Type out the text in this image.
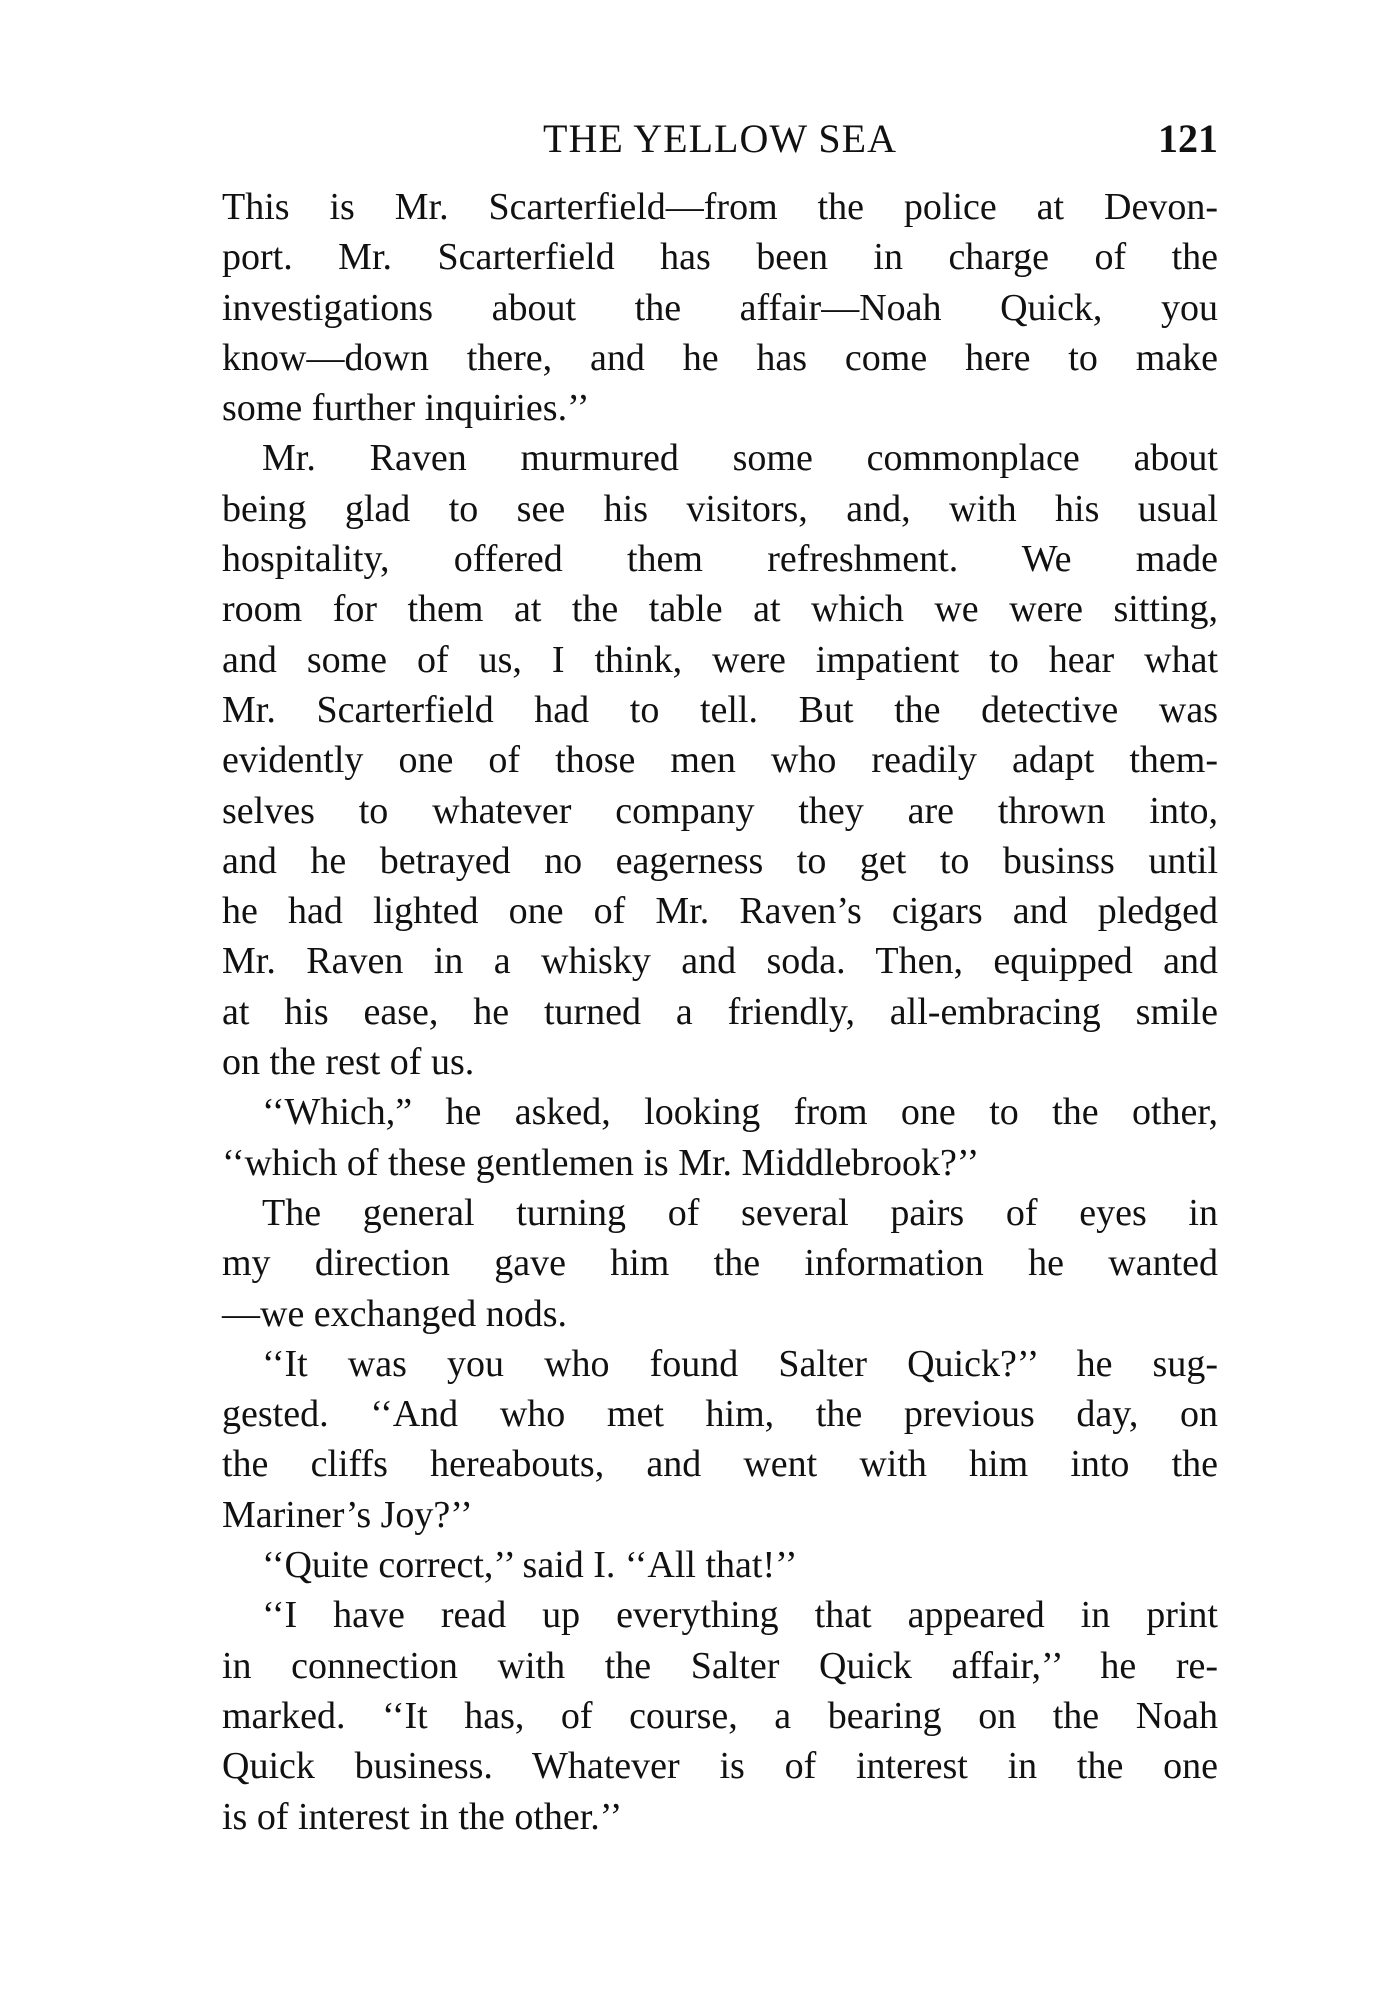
THE YELLOW SEA	121
This is Mr. Scarterfield—from the police at Devon-
port. Mr. Scarterfield has been in charge of the
investigations about the affair—Noah Quick, you
know—down there, and he has come here to make
some further inquiries.’’
Mr. Raven murmured some commonplace about
being glad to see his visitors, and, with his usual
hospitality, offered them refreshment. We made
room for them at the table at which we were sitting,
and some of us, I think, were impatient to hear what
Mr. Scarterfield had to tell. But the detective was
evidently one of those men who readily adapt them-
selves to whatever company they are thrown into,
and he betrayed no eagerness to get to businss until
he had lighted one of Mr. Raven’s cigars and pledged
Mr. Raven in a whisky and soda. Then, equipped and
at his ease, he turned a friendly, all-embracing smile
on the rest of us.
‘‘Which,” he asked, looking from one to the other,
‘‘which of these gentlemen is Mr. Middlebrook?’’
The general turning of several pairs of eyes in
my direction gave him the information he wanted
—we exchanged nods.
‘‘It was you who found Salter Quick?’’ he sug-
gested. ‘‘And who met him, the previous day, on
the cliffs hereabouts, and went with him into the
Mariner’s Joy?’’
‘‘Quite correct,’’ said I. ‘‘All that!’’
‘‘I have read up everything that appeared in print
in connection with the Salter Quick affair,’’ he re-
marked. ‘‘It has, of course, a bearing on the Noah
Quick business. Whatever is of interest in the one
is of interest in the other.’’
